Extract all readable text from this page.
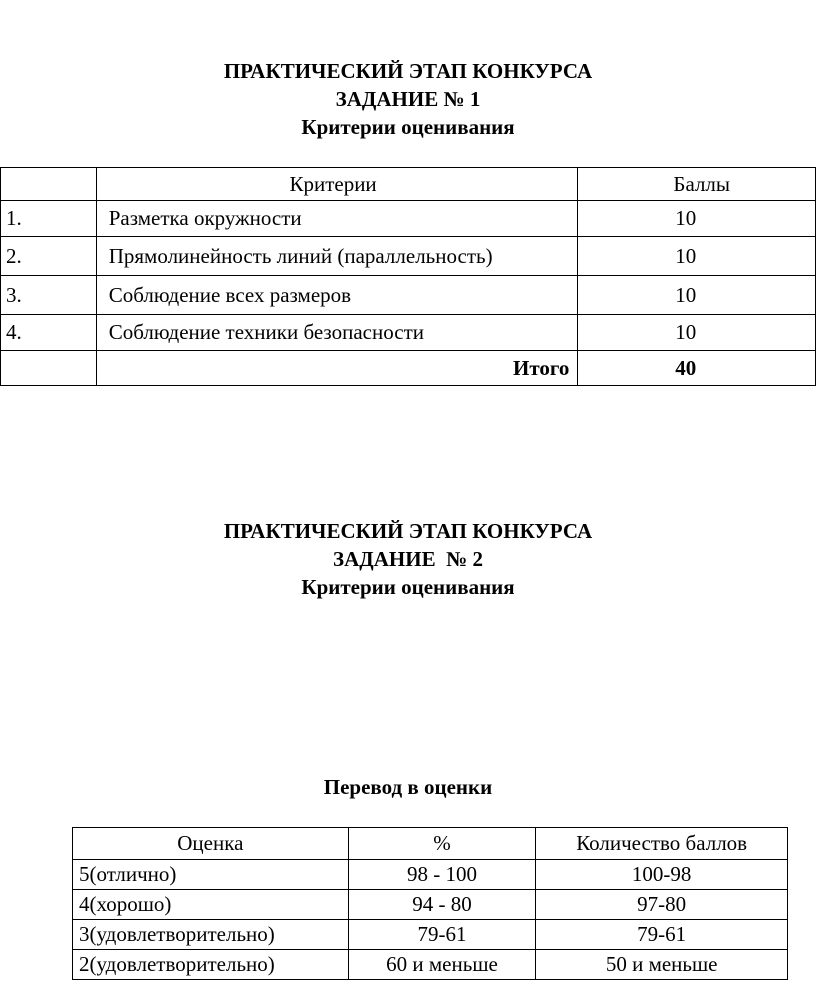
ПРАКТИЧЕСКИЙ ЭТАП КОНКУРСА
ЗАДАНИЕ № 1
Критерии оценивания
	Критерии	Баллы
1.	Разметка окружности	10
2.	Прямолинейность линий (параллельность)	10
3.	Соблюдение всех размеров	10
4.	Соблюдение техники безопасности	10
	Итого	40
ПРАКТИЧЕСКИЙ ЭТАП КОНКУРСА
ЗАДАНИЕ  № 2
Критерии оценивания
Перевод в оценки
Оценка	%	Количество баллов
5(отлично)	98 - 100	100-98
4(хорошо)	94 - 80	97-80
3(удовлетворительно)	79-61	79-61
2(удовлетворительно)	60 и меньше	50 и меньше
